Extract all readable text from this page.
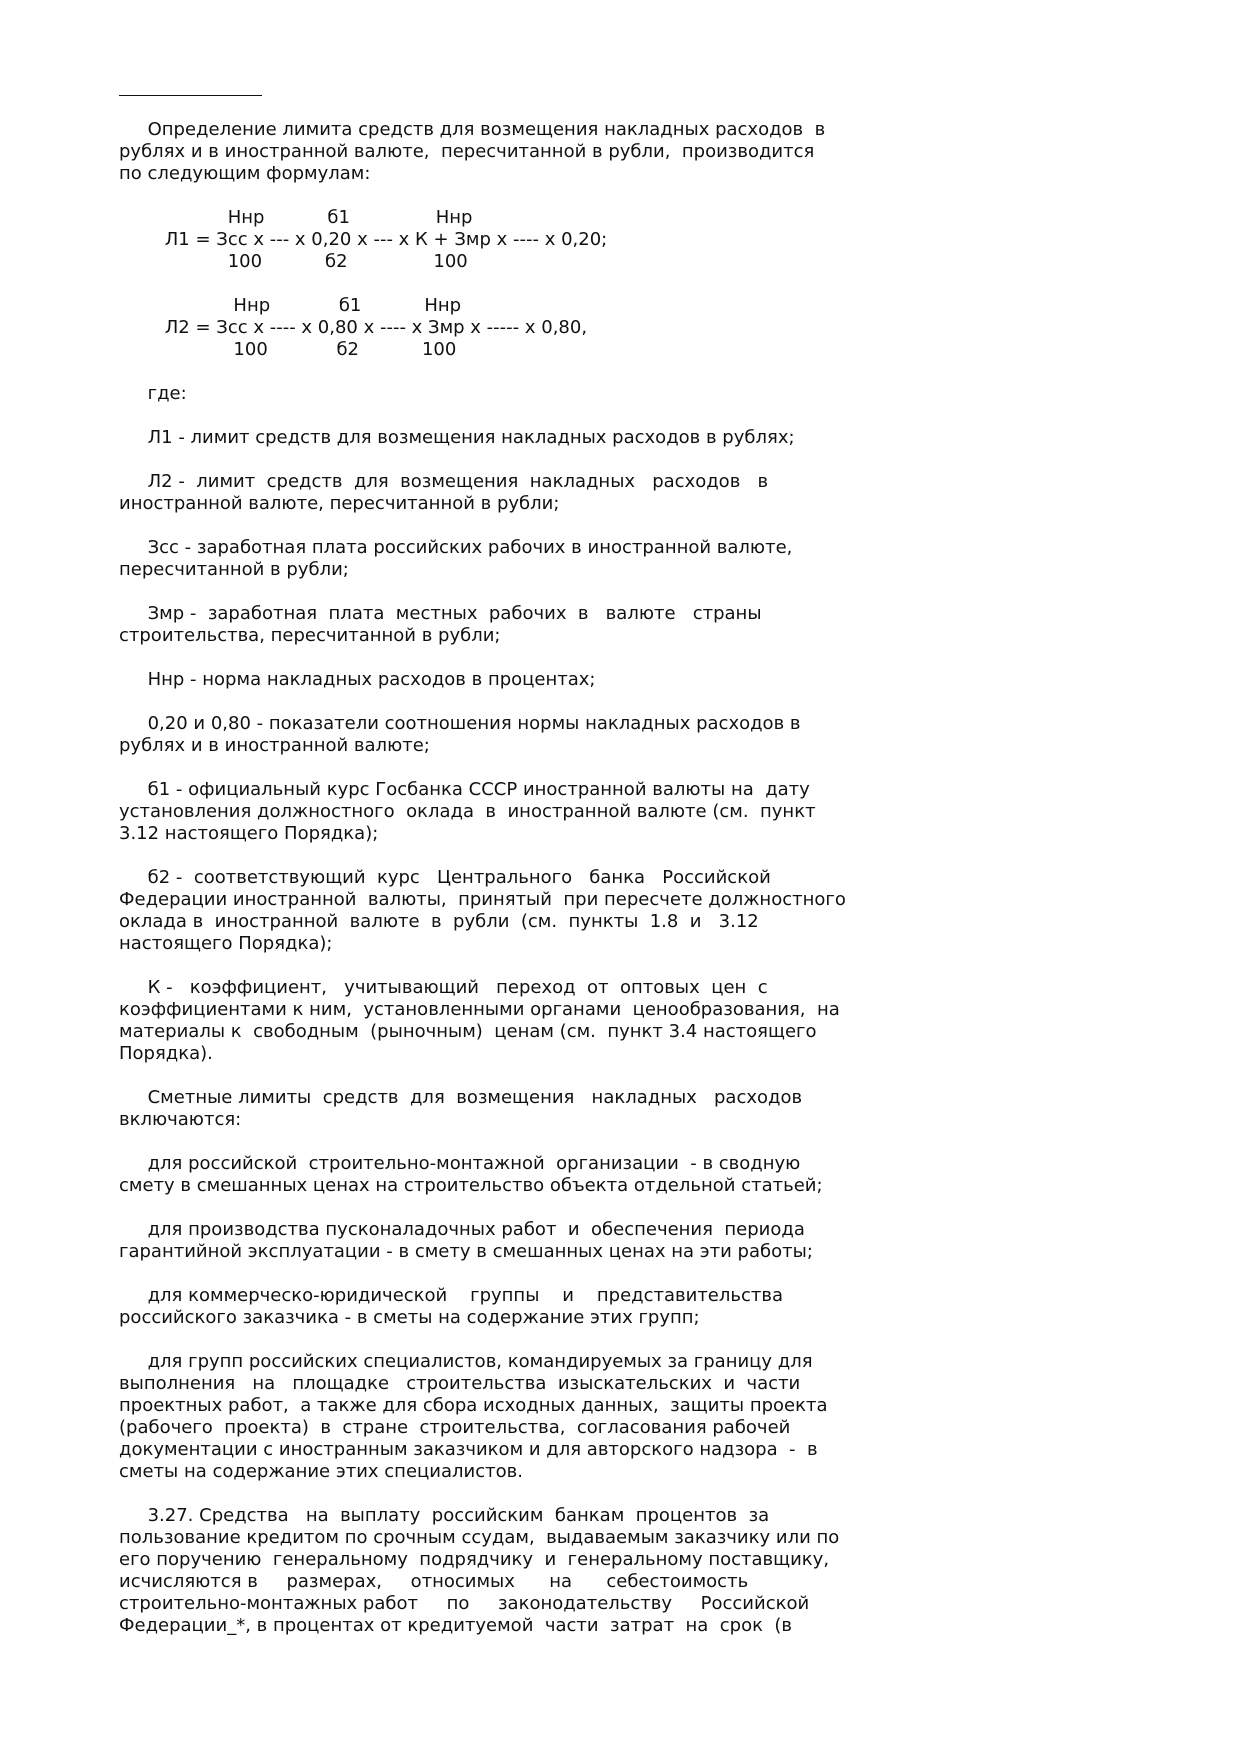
Определение лимита средств для возмещения накладных расходов  в
рублях и в иностранной валюте,  пересчитанной в рубли,  производится
по следующим формулам:

Ннр           б1               Ннр
Л1 = Зсс х --- х 0,20 х --- х К + Змр х ---- х 0,20;
100           б2               100

Ннр            б1           Ннр
Л2 = Зсс х ---- х 0,80 х ---- х Змр х ----- х 0,80,
100            б2           100

где:

Л1 - лимит средств для возмещения накладных расходов в рублях;

Л2 -  лимит  средств  для  возмещения  накладных   расходов   в
иностранной валюте, пересчитанной в рубли;

Зсс - заработная плата российских рабочих в иностранной валюте,
пересчитанной в рубли;

Змр -  заработная  плата  местных  рабочих  в   валюте   страны
строительства, пересчитанной в рубли;

Ннр - норма накладных расходов в процентах;

0,20 и 0,80 - показатели соотношения нормы накладных расходов в
рублях и в иностранной валюте;

б1 - официальный курс Госбанка СССР иностранной валюты на  дату
установления должностного  оклада  в  иностранной валюте (см.  пункт
3.12 настоящего Порядка);

б2 -  соответствующий  курс   Центрального   банка   Российской
Федерации иностранной  валюты,  принятый  при пересчете должностного
оклада в  иностранной  валюте  в  рубли  (см.  пункты  1.8  и   3.12
настоящего Порядка);

К -   коэффициент,   учитывающий   переход  от  оптовых  цен  с
коэффициентами к ним,  установленными органами  ценообразования,  на
материалы к  свободным  (рыночным)  ценам (см.  пункт 3.4 настоящего
Порядка).

Сметные лимиты  средств  для  возмещения   накладных   расходов
включаются:

для российской  строительно-монтажной  организации  - в сводную
смету в смешанных ценах на строительство объекта отдельной статьей;

для производства пусконаладочных работ  и  обеспечения  периода
гарантийной эксплуатации - в смету в смешанных ценах на эти работы;

для коммерческо-юридической    группы    и    представительства
российского заказчика - в сметы на содержание этих групп;

для групп российских специалистов, командируемых за границу для
выполнения   на   площадке   строительства  изыскательских  и  части
проектных работ,  а также для сбора исходных данных,  защиты проекта
(рабочего  проекта)  в  стране  строительства,  согласования рабочей
документации с иностранным заказчиком и для авторского надзора  -  в
сметы на содержание этих специалистов.

3.27. Средства   на  выплату  российским  банкам  процентов  за
пользование кредитом по срочным ссудам,  выдаваемым заказчику или по
его поручению  генеральному  подрядчику  и  генеральному поставщику,
исчисляются в     размерах,     относимых      на      себестоимость
строительно-монтажных работ     по     законодательству     Российской
Федерации_*, в процентах от кредитуемой  части  затрат  на  срок  (в
